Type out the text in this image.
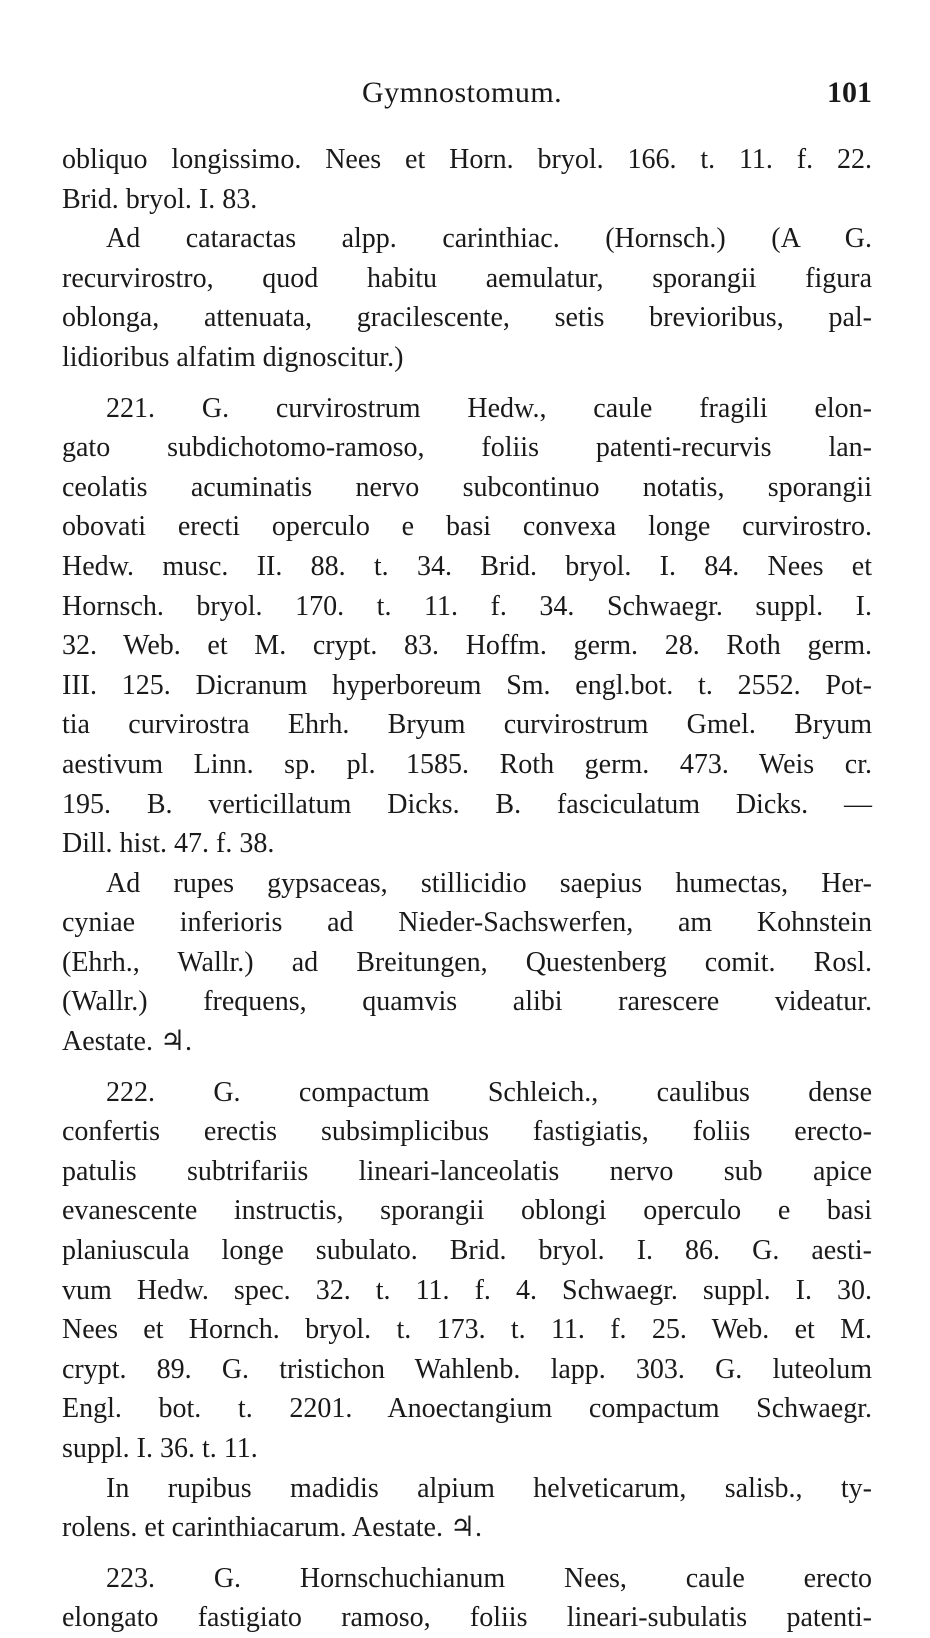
Gymnostomum.	101
obliquo longissimo. Nees et Horn. bryol. 166. t. 11. f. 22.
Brid. bryol. I. 83.
Ad cataractas alpp. carinthiac. (Hornsch.) (A G.
recurvirostro, quod habitu aemulatur, sporangii figura
oblonga, attenuata, gracilescente, setis brevioribus, pal-
lidioribus alfatim dignoscitur.)
221. G. curvirostrum Hedw., caule fragili elon-
gato subdichotomo-ramoso, foliis patenti-recurvis lan-
ceolatis acuminatis nervo subcontinuo notatis, sporangii
obovati erecti operculo e basi convexa longe curvirostro.
Hedw. musc. II. 88. t. 34. Brid. bryol. I. 84. Nees et
Hornsch. bryol. 170. t. 11. f. 34. Schwaegr. suppl. I.
32. Web. et M. crypt. 83. Hoffm. germ. 28. Roth germ.
III. 125. Dicranum hyperboreum Sm. engl.bot. t. 2552. Pot-
tia curvirostra Ehrh. Bryum curvirostrum Gmel. Bryum
aestivum Linn. sp. pl. 1585. Roth germ. 473. Weis cr.
195. B. verticillatum Dicks. B. fasciculatum Dicks. —
Dill. hist. 47. f. 38.
Ad rupes gypsaceas, stillicidio saepius humectas, Her-
cyniae inferioris ad Nieder-Sachswerfen, am Kohnstein
(Ehrh., Wallr.) ad Breitungen, Questenberg comit. Rosl.
(Wallr.) frequens, quamvis alibi rarescere videatur.
Aestate. ♃.
222. G. compactum Schleich., caulibus dense
confertis erectis subsimplicibus fastigiatis, foliis erecto-
patulis subtrifariis lineari-lanceolatis nervo sub apice
evanescente instructis, sporangii oblongi operculo e basi
planiuscula longe subulato. Brid. bryol. I. 86. G. aesti-
vum Hedw. spec. 32. t. 11. f. 4. Schwaegr. suppl. I. 30.
Nees et Hornch. bryol. t. 173. t. 11. f. 25. Web. et M.
crypt. 89. G. tristichon Wahlenb. lapp. 303. G. luteolum
Engl. bot. t. 2201. Anoectangium compactum Schwaegr.
suppl. I. 36. t. 11.
In rupibus madidis alpium helveticarum, salisb., ty-
rolens. et carinthiacarum. Aestate. ♃.
223. G. Hornschuchianum Nees, caule erecto
elongato fastigiato ramoso, foliis lineari-subulatis patenti-
